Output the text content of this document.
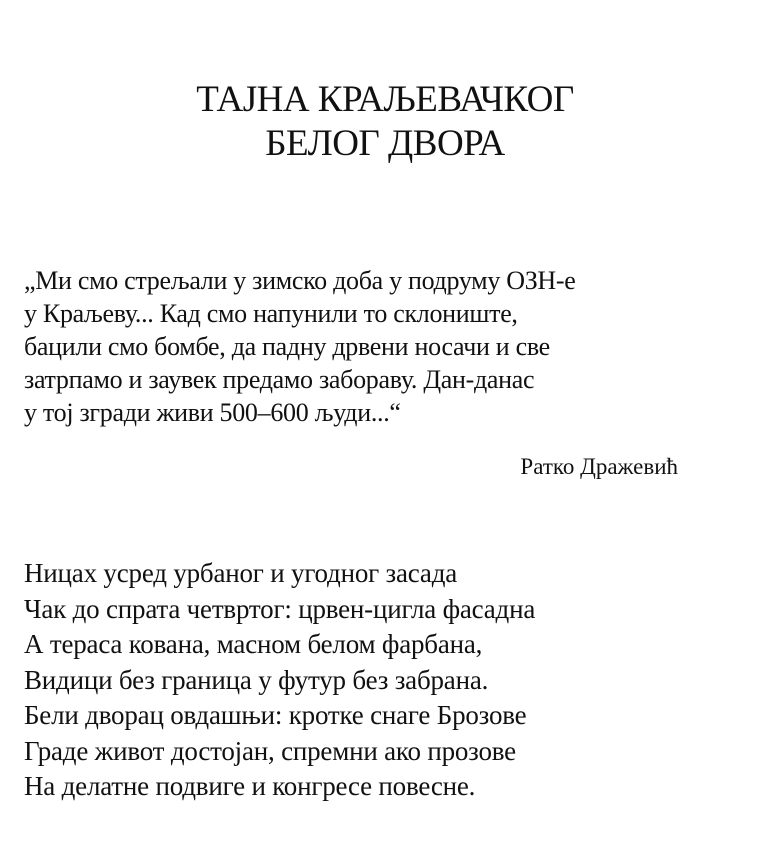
ТАЈНА КРАЉЕВАЧКОГ
БЕЛОГ ДВОРА
„Ми смо стрељали у зимско доба у подруму ОЗН-е
у Краљеву... Кад смо напунили то склониште,
бацили смо бомбе, да падну дрвени носачи и све
затрпамо и заувек предамо забораву. Дан-данас
у тој згради живи 500–600 људи...“
Ратко Дражевић
Ницах усред урбаног и угодног засада
Чак до спрата четвртог: црвен-цигла фасадна
А тераса кована, масном белом фарбана,
Видици без граница у футур без забрана.
Бели дворац овдашњи: кротке снаге Брозове
Граде живот достојан, спремни ако прозове
На делатне подвиге и конгресе повесне.
